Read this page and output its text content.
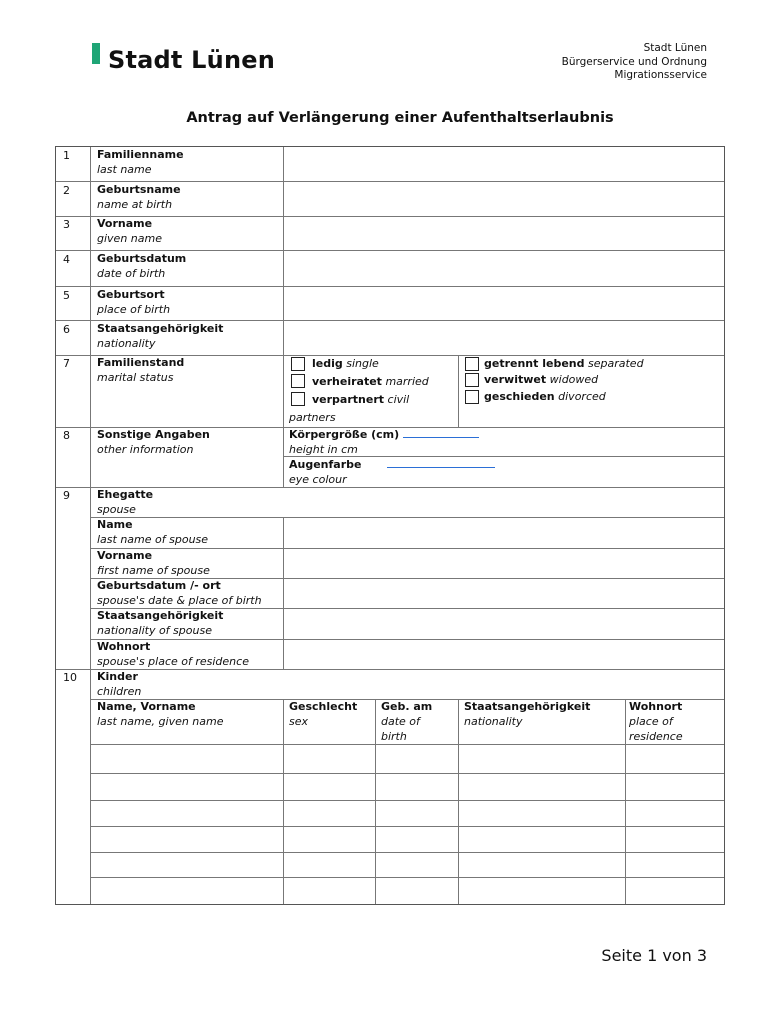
Stadt Lünen	Stadt Lünen
Bürgerservice und Ordnung
Migrationsservice
Antrag auf Verlängerung einer Aufenthaltserlaubnis
1 Familienname
last name
2 Geburtsname
name at birth
3 Vorname
given name
4 Geburtsdatum
date of birth
5 Geburtsort
place of birth
6 Staatsangehörigkeit
nationality
7 Familienstand
marital status
ledig single
verheiratet married
verpartnert civil
partners
getrennt lebend separated
verwitwet widowed
geschieden divorced
8 Sonstige Angaben
other information
Körpergröße (cm)
height in cm
Augenfarbe
eye colour
9 Ehegatte
spouse
Name
last name of spouse
Vorname
first name of spouse
Geburtsdatum /- ort
spouse's date & place of birth
Staatsangehörigkeit
nationality of spouse
Wohnort
spouse's place of residence
10 Kinder
children
Name, Vorname
last name, given name
Geschlecht
sex
Geb. am
date of birth
Staatsangehörigkeit
nationality
Wohnort
place of residence
Seite 1 von 3
